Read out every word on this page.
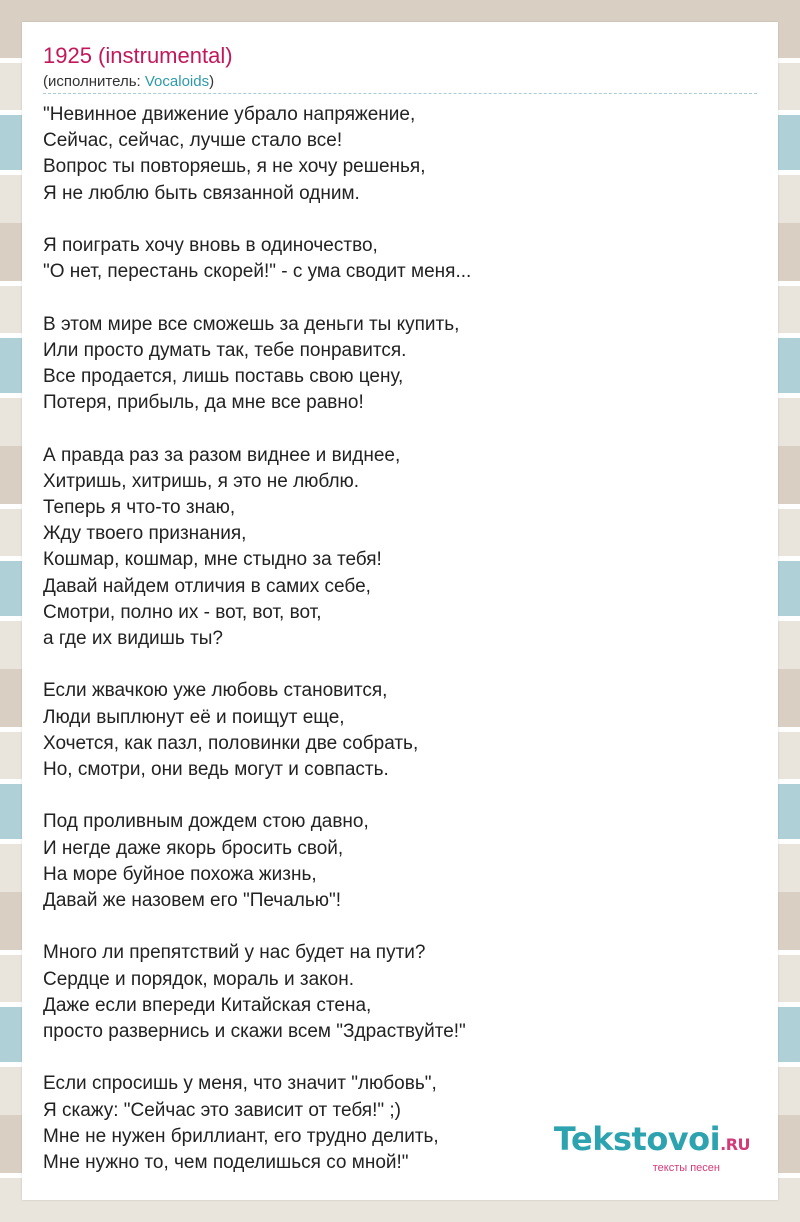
1925 (instrumental)
(исполнитель: Vocaloids)
"Невинное движение убрало напряжение,
Сейчас, сейчас, лучше стало все!
Вопрос ты повторяешь, я не хочу решенья,
Я не люблю быть связанной одним.
Я поиграть хочу вновь в одиночество,
"О нет, перестань скорей!" - с ума сводит меня...
В этом мире все сможешь за деньги ты купить,
Или просто думать так, тебе понравится.
Все продается, лишь поставь свою цену,
Потеря, прибыль, да мне все равно!
А правда раз за разом виднее и виднее,
Хитришь, хитришь, я это не люблю.
Теперь я что-то знаю,
Жду твоего признания,
Кошмар, кошмар, мне стыдно за тебя!
Давай найдем отличия в самих себе,
Смотри, полно их - вот, вот, вот,
а где их видишь ты?
Если жвачкою уже любовь становится,
Люди выплюнут её и поищут еще,
Хочется, как пазл, половинки две собрать,
Но, смотри, они ведь могут и совпасть.
Под проливным дождем стою давно,
И негде даже якорь бросить свой,
На море буйное похожа жизнь,
Давай же назовем его "Печалью"!
Много ли препятствий у нас будет на пути?
Сердце и порядок, мораль и закон.
Даже если впереди Китайская стена,
просто развернись и скажи всем "Здраствуйте!"
Если спросишь у меня, что значит "любовь",
Я скажу: "Сейчас это зависит от тебя!" ;)
Мне не нужен бриллиант, его трудно делить,
Мне нужно то, чем поделишься со мной!"
Tekstovoi.RU
тексты песен
